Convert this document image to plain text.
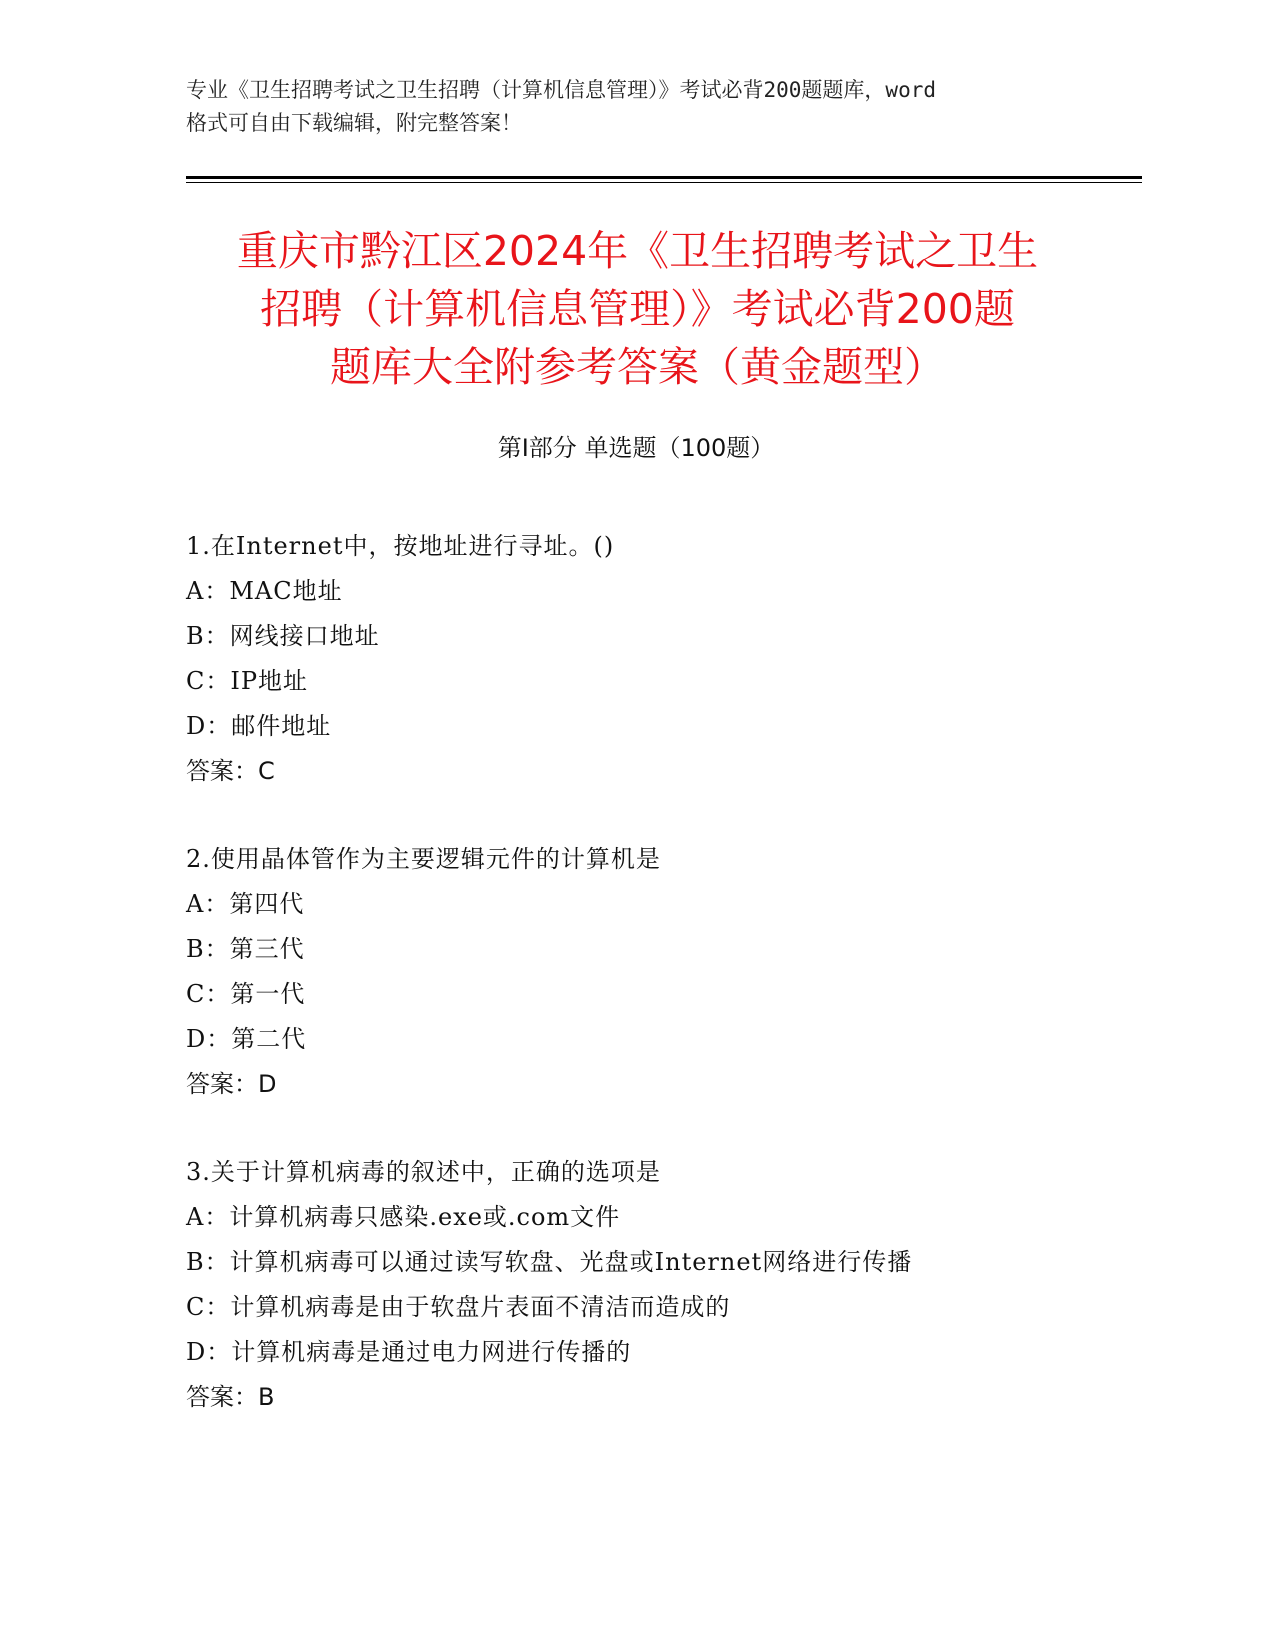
专业《卫生招聘考试之卫生招聘（计算机信息管理）》考试必背200题题库，word
格式可自由下载编辑，附完整答案！
重庆市黔江区2024年《卫生招聘考试之卫生
招聘（计算机信息管理）》考试必背200题
题库大全附参考答案（黄金题型）
第Ⅰ部分 单选题（100题）
1.在Internet中，按地址进行寻址。()
A：MAC地址
B：网线接口地址
C：IP地址
D：邮件地址
答案：C
2.使用晶体管作为主要逻辑元件的计算机是
A：第四代
B：第三代
C：第一代
D：第二代
答案：D
3.关于计算机病毒的叙述中，正确的选项是
A：计算机病毒只感染.exe或.com文件
B：计算机病毒可以通过读写软盘、光盘或Internet网络进行传播
C：计算机病毒是由于软盘片表面不清洁而造成的
D：计算机病毒是通过电力网进行传播的
答案：B
